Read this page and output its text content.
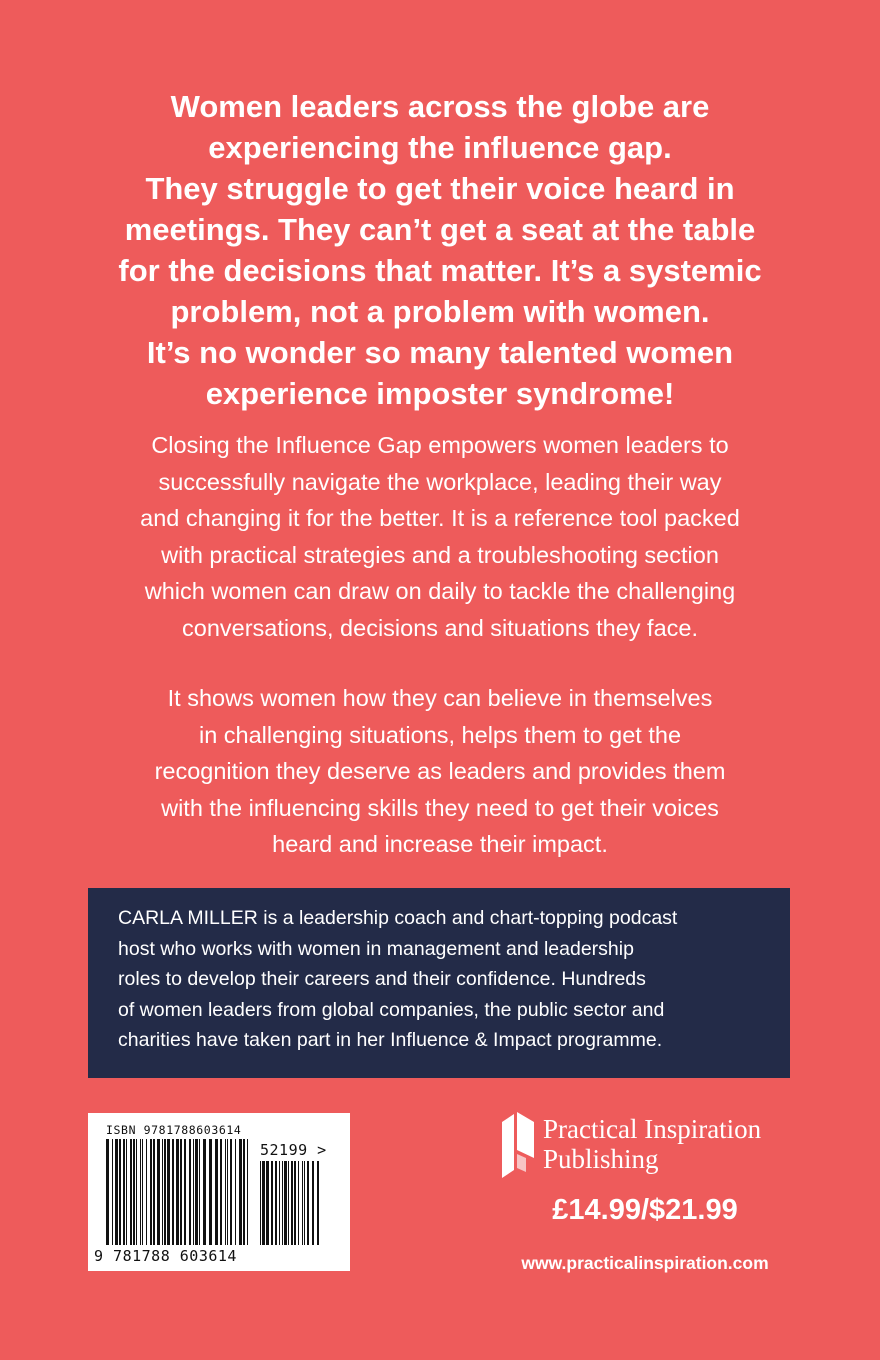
Women leaders across the globe are
experiencing the influence gap.
They struggle to get their voice heard in
meetings. They can’t get a seat at the table
for the decisions that matter. It’s a systemic
problem, not a problem with women.
It’s no wonder so many talented women
experience imposter syndrome!
Closing the Influence Gap empowers women leaders to
successfully navigate the workplace, leading their way
and changing it for the better. It is a reference tool packed
with practical strategies and a troubleshooting section
which women can draw on daily to tackle the challenging
conversations, decisions and situations they face.
It shows women how they can believe in themselves
in challenging situations, helps them to get the
recognition they deserve as leaders and provides them
with the influencing skills they need to get their voices
heard and increase their impact.
CARLA MILLER is a leadership coach and chart-topping podcast
host who works with women in management and leadership
roles to develop their careers and their confidence. Hundreds
of women leaders from global companies, the public sector and
charities have taken part in her Influence & Impact programme.
ISBN 9781788603614
52199 >
9 781788 603614
Practical Inspiration
Publishing
£14.99/$21.99
www.practicalinspiration.com
